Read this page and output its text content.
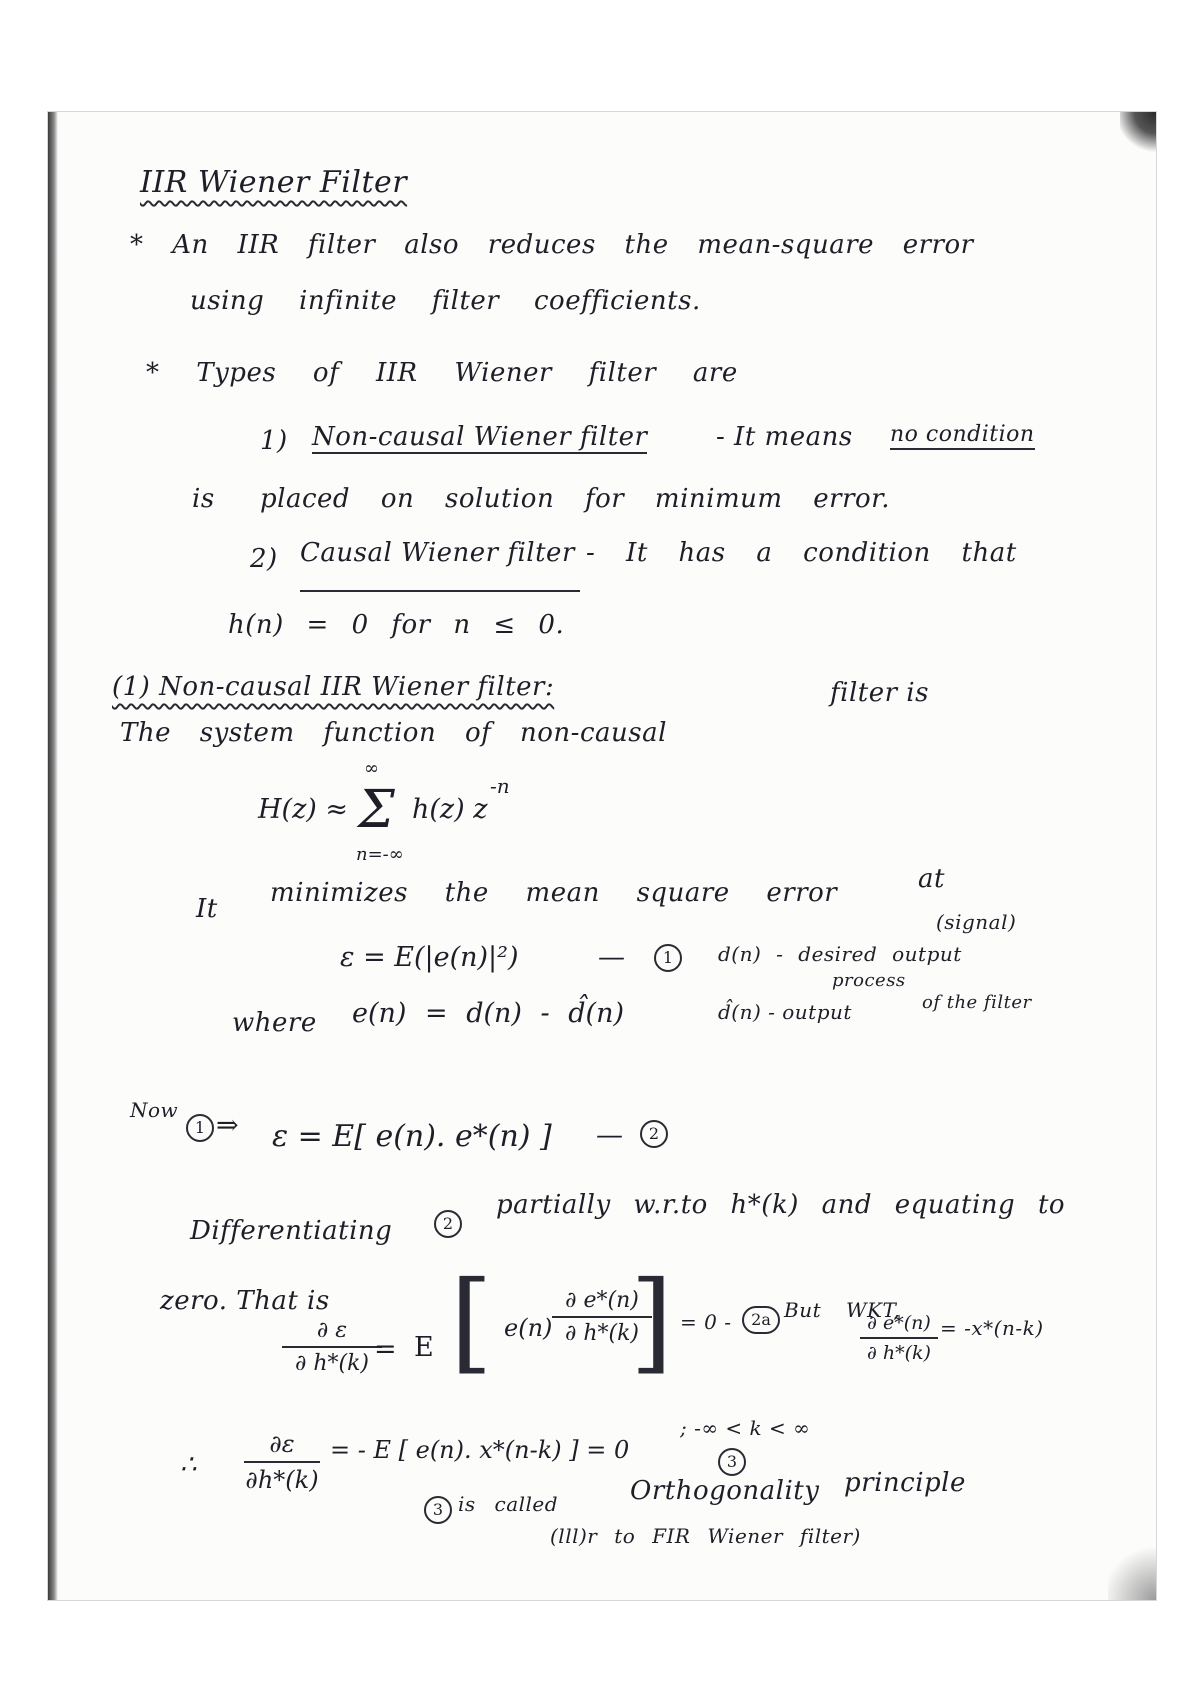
IIR Wiener Filter
* An IIR filter also reduces the mean-square error
using infinite filter coefficients.
* Types of IIR Wiener filter are
1) Non-causal Wiener filter	- It means no condition
is placed on solution for minimum error.
2) Causal Wiener filter - It has a condition that
h(n) = 0 for n ≤ 0.
(1) Non-causal IIR Wiener filter:
The system function of non-causal
filter is
H(z) ≈ Σ
∞
n=-∞
h(z) z
-n
It
minimizes the mean square error	at
ε = E(|e(n)|²)	—	1
(signal)
d(n) - desired output
process
d̂(n) - output	of the filter
where e(n) = d(n) - d̂(n)
Now
1 ⇒ ε = E[ e(n). e*(n) ] —	2
Differentiating	2
partially w.r.to h*(k) and equating to
zero. That is
$\frac{\partial \varepsilon}{\partial h*(k)}$
= E [ $e(n) \frac{\partial e*(n)}{\partial h*(k)}$
] = 0 -	2a But WKT,
$\frac{\partial e*(n)}{\partial h*(k)} = -x*(n-k)$
∴ $\frac{\partial\varepsilon}{\partial h*(k)}$ = - E [ e(n). x*(n-k) ] = 0
; -∞ < k < ∞
3
3 is called	Orthogonality principle
(lll)r to FIR Wiener filter)
